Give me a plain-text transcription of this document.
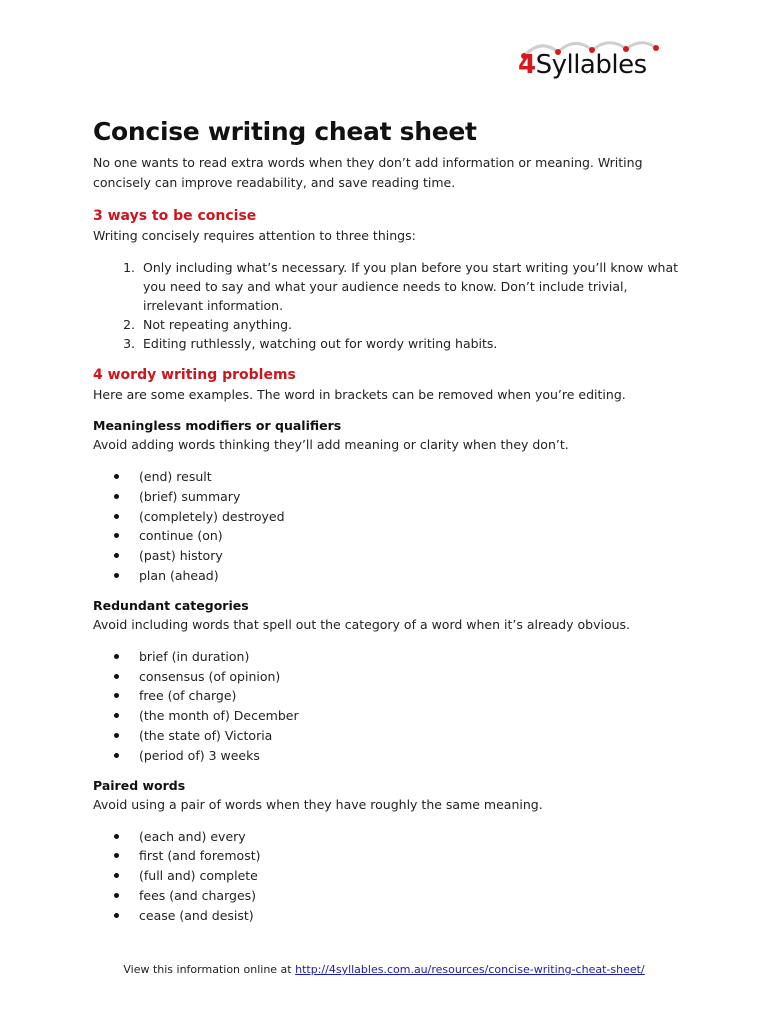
4Syllables
Concise writing cheat sheet

No one wants to read extra words when they don’t add information or meaning. Writing concisely can improve readability, and save reading time.

3 ways to be concise

Writing concisely requires attention to three things:

1. Only including what’s necessary. If you plan before you start writing you’ll know what you need to say and what your audience needs to know. Don’t include trivial, irrelevant information.
2. Not repeating anything.
3. Editing ruthlessly, watching out for wordy writing habits.
4 wordy writing problems

Here are some examples. The word in brackets can be removed when you’re editing.

Meaningless modifiers or qualifiers

Avoid adding words thinking they’ll add meaning or clarity when they don’t.

(end) result
(brief) summary
(completely) destroyed
continue (on)
(past) history
plan (ahead)
Redundant categories

Avoid including words that spell out the category of a word when it’s already obvious.

brief (in duration)
consensus (of opinion)
free (of charge)
(the month of) December
(the state of) Victoria
(period of) 3 weeks
Paired words

Avoid using a pair of words when they have roughly the same meaning.

(each and) every
first (and foremost)
(full and) complete
fees (and charges)
cease (and desist)
View this information online at http://4syllables.com.au/resources/concise-writing-cheat-sheet/
